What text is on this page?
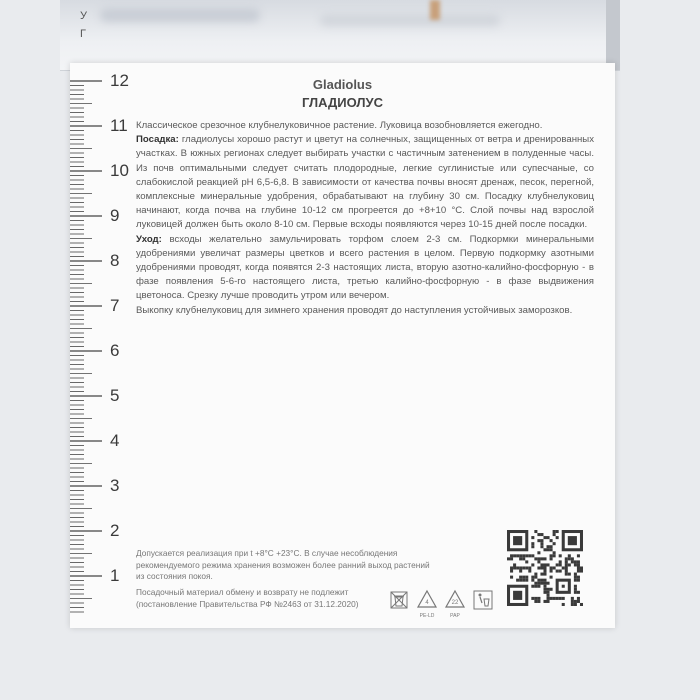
У
Г
12
11
10
9
8
7
6
5
4
3
2
1
Gladiolus
ГЛАДИОЛУС

Классическое срезочное клубнелуковичное растение. Луковица возобновляется ежегодно.

Посадка: гладиолусы хорошо растут и цветут на солнечных, защищенных от ветра и дренированных участках. В южных регионах следует выбирать участки с частичным затенением в полуденные часы. Из почв оптимальными следует считать плодородные, легкие суглинистые или супесчаные, со слабокислой реакцией рН 6,5-6,8. В зависимости от качества почвы вносят дренаж, песок, перегной, комплексные минеральные удобрения, обрабатывают на глубину 30 см. Посадку клубнелуковиц начинают, когда почва на глубине 10-12 см прогреется до +8+10 °С. Слой почвы над взрослой луковицей должен быть около 8-10 см. Первые всходы появляются через 10-15 дней после посадки.

Уход: всходы желательно замульчировать торфом слоем 2-3 см. Подкормки минеральными удобрениями увеличат размеры цветков и всего растения в целом. Первую подкормку азотными удобрениями проводят, когда появятся 2-3 настоящих листа, вторую азотно-калийно-фосфорную - в фазе появления 5-6-го настоящего листа, третью калийно-фосфорную - в фазе выдвижения цветоноса. Срезку лучше проводить утром или вечером.

Выкопку клубнелуковиц для зимнего хранения проводят до наступления устойчивых заморозков.

Допускается реализация при t +8°С +23°С. В случае несоблюдения рекомендуемого режима хранения возможен более ранний выход растений из состояния покоя.
Посадочный материал обмену и возврату не подлежит
(постановление Правительства РФ №2463 от 31.12.2020)	4
PE-LD
22
PAP
